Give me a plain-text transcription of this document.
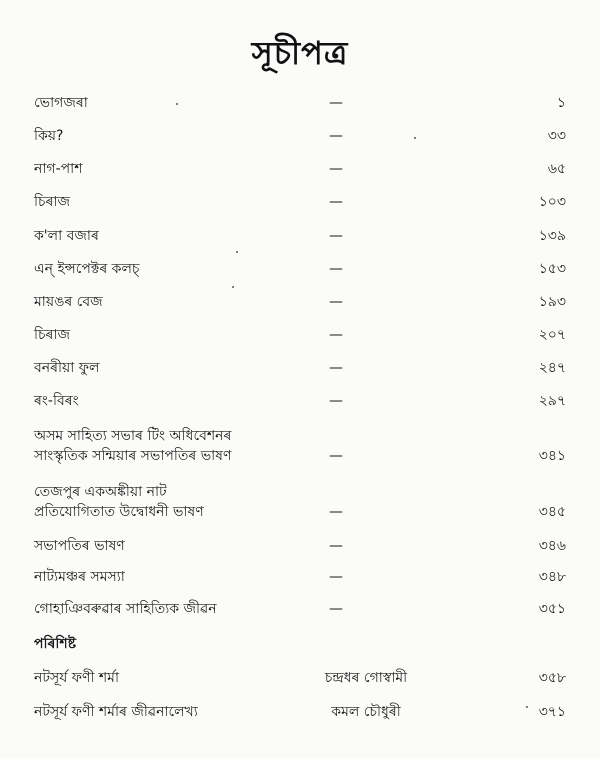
সূচীপত্র
ভোগজৰা	—	১
কিয়?	—	৩৩
নাগ-পাশ	—	৬৫
চিৰাজ	—	১০৩
ক'লা বজাৰ	—	১৩৯
এন্ ইন্সপেক্টৰ কলচ্	—	১৫৩
মায়ঙৰ বেজ	—	১৯৩
চিৰাজ	—	২০৭
বনৰীয়া ফুল	—	২৪৭
ৰং-বিৰং	—	২৯৭
অসম সাহিত্য সভাৰ টিং অধিবেশনৰ
সাংস্কৃতিক সন্মিয়াৰ সভাপতিৰ ভাষণ	—	৩৪১
তেজপুৰ একঅঙ্কীয়া নাট
প্ৰতিযোগিতাত উদ্বোধনী ভাষণ	—	৩৪৫
সভাপতিৰ ভাষণ	—	৩৪৬
নাট্যমঞ্চৰ সমস্যা	—	৩৪৮
গোহাঞিবৰুৱাৰ সাহিত্যিক জীৱন	—	৩৫১
পৰিশিষ্ট
নটসূৰ্য ফণী শৰ্মা	চন্দ্ৰধৰ গোস্বামী	৩৫৮
নটসূৰ্য ফণী শৰ্মাৰ জীৱনালেখ্য	কমল চৌধুৰী	৩৭১
